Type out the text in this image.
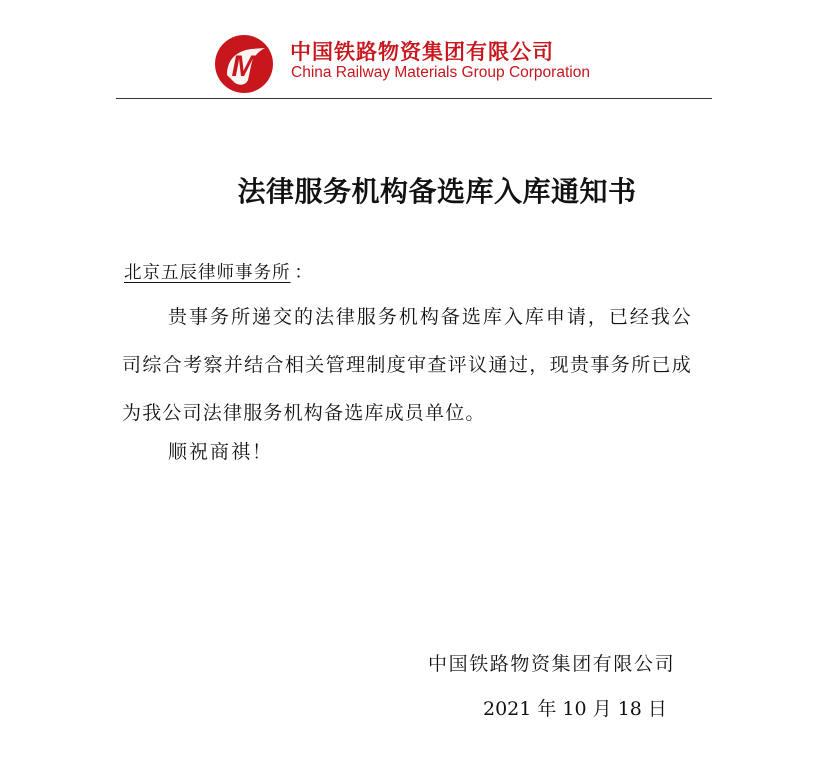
M 中国铁路物资集团有限公司

China Railway Materials Group Corporation

法律服务机构备选库入库通知书

北京五辰律师事务所 ：

贵事务所递交的法律服务机构备选库入库申请，已经我公司综合考察并结合相关管理制度审查评议通过，现贵事务所已成为我公司法律服务机构备选库成员单位。

顺祝商祺！

中国铁路物资集团有限公司

2021 年 10 月 18 日
